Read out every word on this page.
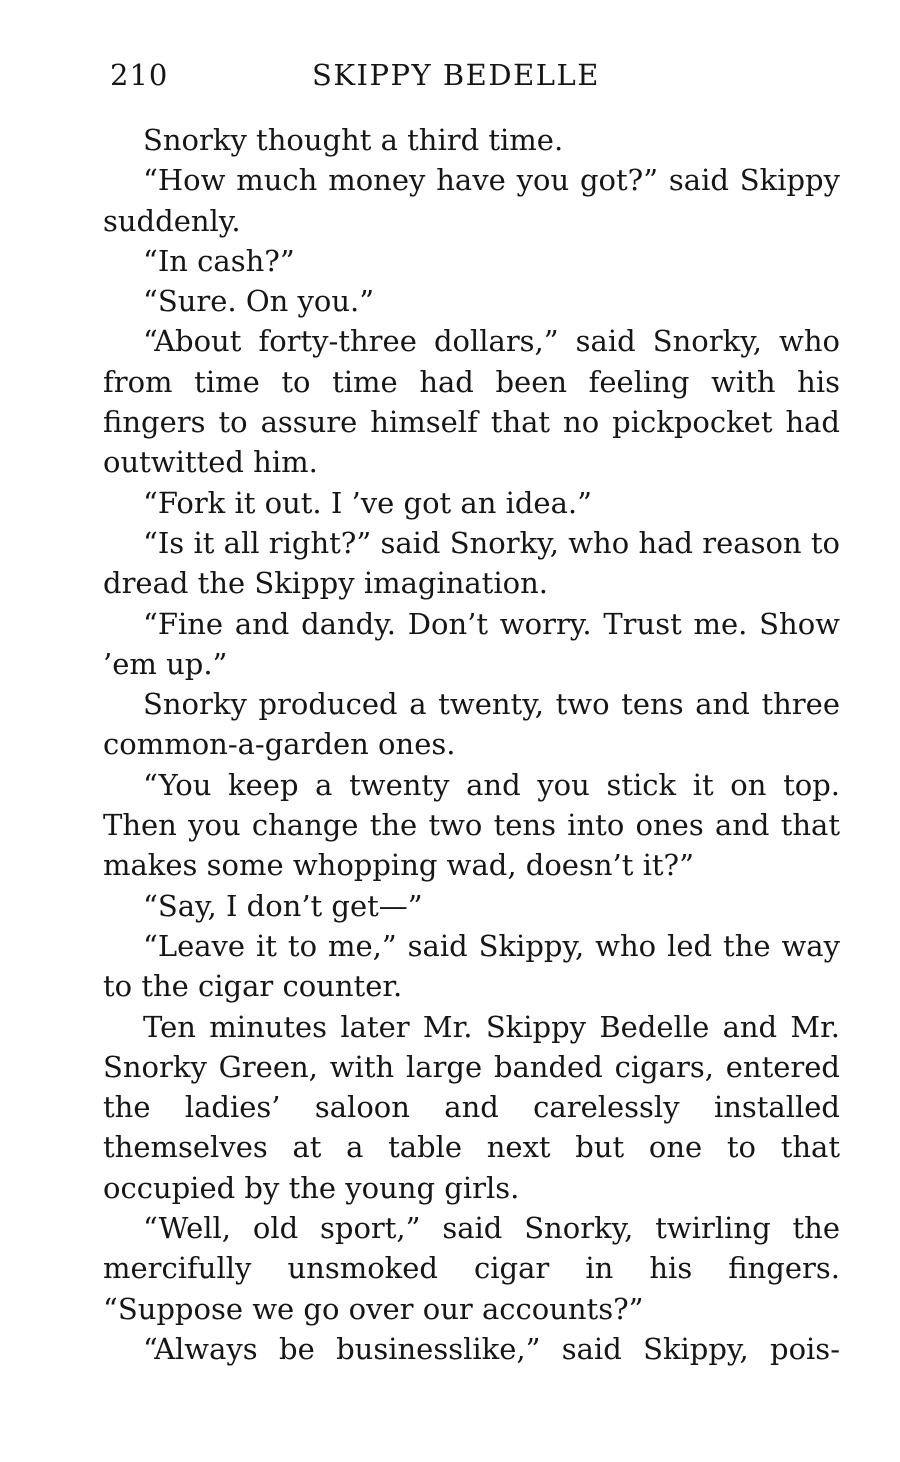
210	SKIPPY BEDELLE

Snorky thought a third time.

“How much money have you got?” said Skippy suddenly.

“In cash?”

“Sure. On you.”

“About forty-three dollars,” said Snorky, who from time to time had been feeling with his fingers to assure himself that no pickpocket had outwitted him.

“Fork it out. I ’ve got an idea.”

“Is it all right?” said Snorky, who had reason to dread the Skippy imagination.

“Fine and dandy. Don’t worry. Trust me. Show ’em up.”

Snorky produced a twenty, two tens and three common-a-garden ones.

“You keep a twenty and you stick it on top. Then you change the two tens into ones and that makes some whopping wad, doesn’t it?”

“Say, I don’t get—”

“Leave it to me,” said Skippy, who led the way to the cigar counter.

Ten minutes later Mr. Skippy Bedelle and Mr. Snorky Green, with large banded cigars, entered the ladies’ saloon and carelessly installed themselves at a table next but one to that occupied by the young girls.

“Well, old sport,” said Snorky, twirling the mercifully unsmoked cigar in his fingers. “Suppose we go over our accounts?”

“Always be businesslike,” said Skippy, pois-
